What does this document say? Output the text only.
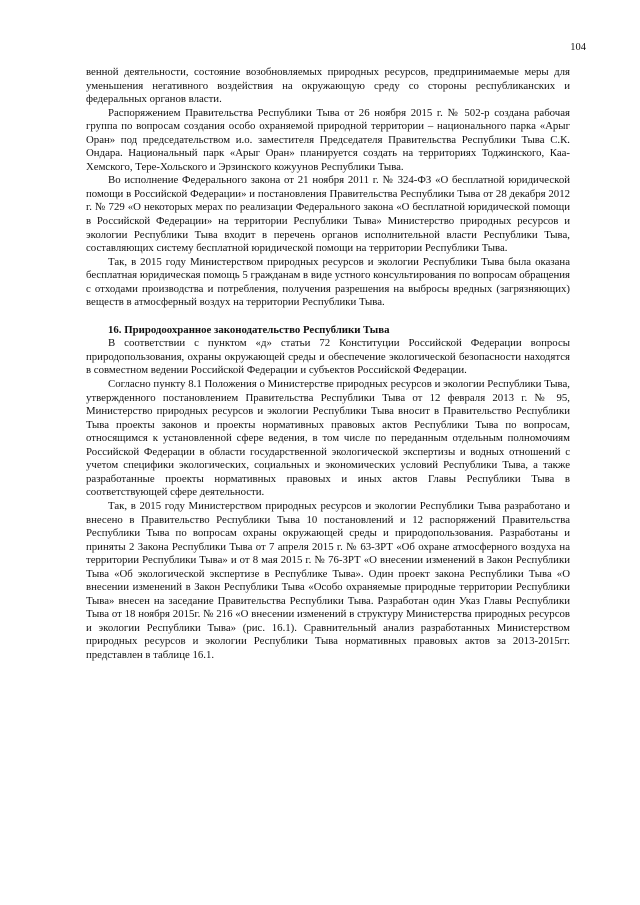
104

венной деятельности, состояние возобновляемых природных ресурсов, предпринимаемые меры для уменьшения негативного воздействия на окружающую среду со стороны республиканских и федеральных органов власти.

Распоряжением Правительства Республики Тыва от 26 ноября 2015 г. № 502-р создана рабочая группа по вопросам создания особо охраняемой природной территории – национального парка «Арыг Оран» под председательством и.о. заместителя Председателя Правительства Республики Тыва С.К. Ондара. Национальный парк «Арыг Оран» планируется создать на территориях Тоджинского, Каа-Хемского, Тере-Хольского и Эрзинского кожуунов Республики Тыва.

Во исполнение Федерального закона от 21 ноября 2011 г. № 324-ФЗ «О бесплатной юридической помощи в Российской Федерации» и постановления Правительства Республики Тыва от 28 декабря 2012 г. № 729 «О некоторых мерах по реализации Федерального закона «О бесплатной юридической помощи в Российской Федерации» на территории Республики Тыва» Министерство природных ресурсов и экологии Республики Тыва входит в перечень органов исполнительной власти Республики Тыва, составляющих систему бесплатной юридической помощи на территории Республики Тыва.

Так, в 2015 году Министерством природных ресурсов и экологии Республики Тыва была оказана бесплатная юридическая помощь 5 гражданам в виде устного консультирования по вопросам обращения с отходами производства и потребления, получения разрешения на выбросы вредных (загрязняющих) веществ в атмосферный воздух на территории Республики Тыва.

16. Природоохранное законодательство Республики Тыва

В соответствии с пунктом «д» статьи 72 Конституции Российской Федерации вопросы природопользования, охраны окружающей среды и обеспечение экологической безопасности находятся в совместном ведении Российской Федерации и субъектов Российской Федерации.

Согласно пункту 8.1 Положения о Министерстве природных ресурсов и экологии Республики Тыва, утвержденного постановлением Правительства Республики Тыва от 12 февраля 2013 г. № 95, Министерство природных ресурсов и экологии Республики Тыва вносит в Правительство Республики Тыва проекты законов и проекты нормативных правовых актов Республики Тыва по вопросам, относящимся к установленной сфере ведения, в том числе по переданным отдельным полномочиям Российской Федерации в области государственной экологической экспертизы и водных отношений с учетом специфики экологических, социальных и экономических условий Республики Тыва, а также разработанные проекты нормативных правовых и иных актов Главы Республики Тыва в соответствующей сфере деятельности.

Так, в 2015 году Министерством природных ресурсов и экологии Республики Тыва разработано и внесено в Правительство Республики Тыва 10 постановлений и 12 распоряжений Правительства Республики Тыва по вопросам охраны окружающей среды и природопользования. Разработаны и приняты 2 Закона Республики Тыва от 7 апреля 2015 г. № 63-ЗРТ «Об охране атмосферного воздуха на территории Республики Тыва» и от 8 мая 2015 г. № 76-ЗРТ «О внесении изменений в Закон Республики Тыва «Об экологической экспертизе в Республике Тыва». Один проект закона Республики Тыва «О внесении изменений в Закон Республики Тыва «Особо охраняемые природные территории Республики Тыва» внесен на заседание Правительства Республики Тыва. Разработан один Указ Главы Республики Тыва от 18 ноября 2015г. № 216 «О внесении изменений в структуру Министерства природных ресурсов и экологии Республики Тыва» (рис. 16.1). Сравнительный анализ разработанных Министерством природных ресурсов и экологии Республики Тыва нормативных правовых актов за 2013-2015гг. представлен в таблице 16.1.
